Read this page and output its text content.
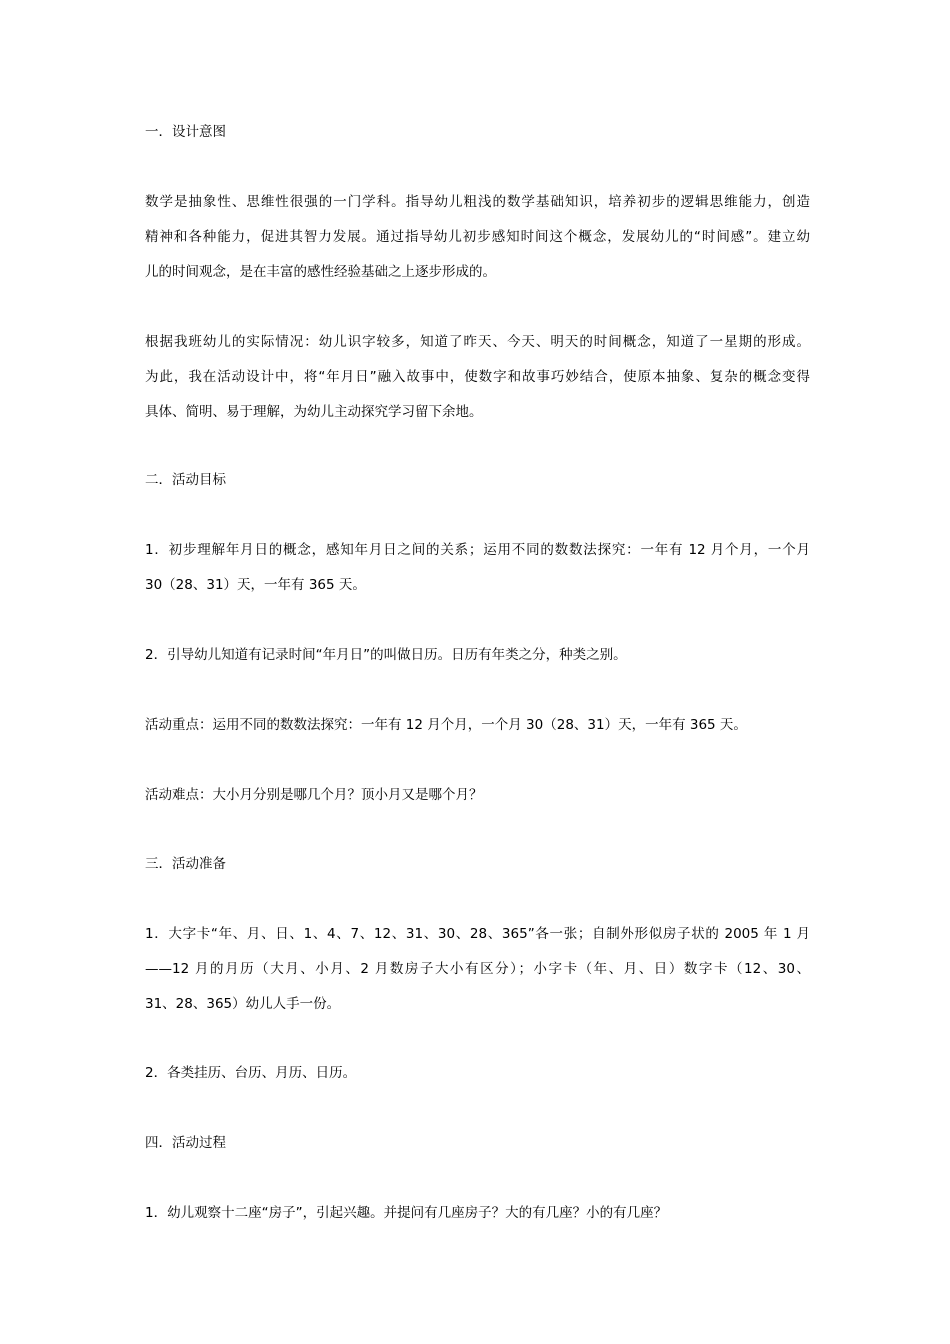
一．设计意图

数学是抽象性、思维性很强的一门学科。指导幼儿粗浅的数学基础知识，培养初步的逻辑思维能力，创造
精神和各种能力，促进其智力发展。通过指导幼儿初步感知时间这个概念，发展幼儿的“时间感”。建立幼
儿的时间观念，是在丰富的感性经验基础之上逐步形成的。

根据我班幼儿的实际情况：幼儿识字较多，知道了昨天、今天、明天的时间概念，知道了一星期的形成。
为此，我在活动设计中，将“年月日”融入故事中，使数字和故事巧妙结合，使原本抽象、复杂的概念变得
具体、简明、易于理解，为幼儿主动探究学习留下余地。

二．活动目标

1．初步理解年月日的概念，感知年月日之间的关系；运用不同的数数法探究：一年有 12 月个月，一个月
30（28、31）天，一年有 365 天。

2．引导幼儿知道有记录时间“年月日”的叫做日历。日历有年类之分，种类之别。

活动重点：运用不同的数数法探究：一年有 12 月个月，一个月 30（28、31）天，一年有 365 天。

活动难点：大小月分别是哪几个月？顶小月又是哪个月？

三．活动准备

1．大字卡“年、月、日、1、4、7、12、31、30、28、365”各一张；自制外形似房子状的 2005 年 1 月
——12 月的月历（大月、小月、2 月数房子大小有区分）；小字卡（年、月、日）数字卡（12、30、
31、28、365）幼儿人手一份。

2．各类挂历、台历、月历、日历。

四．活动过程

1．幼儿观察十二座“房子”，引起兴趣。并提问有几座房子？大的有几座？小的有几座？
